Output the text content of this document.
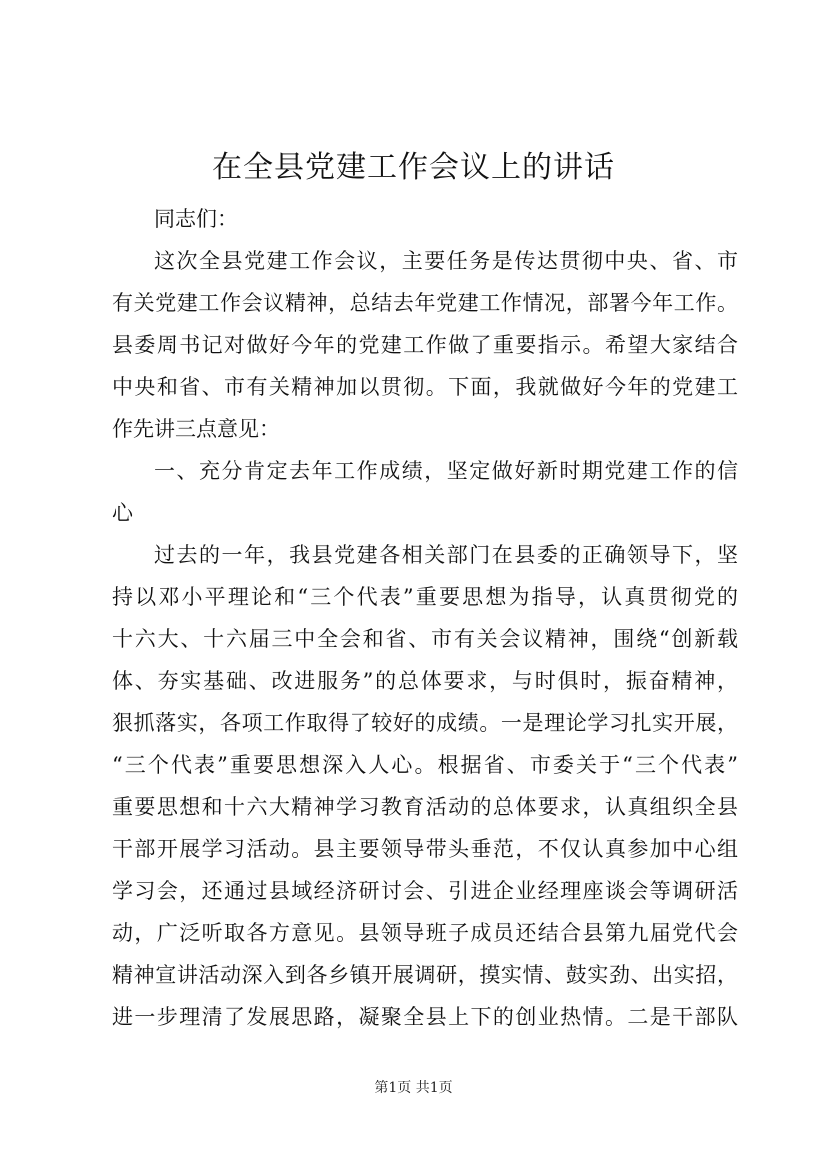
在全县党建工作会议上的讲话
同志们：
这次全县党建工作会议，主要任务是传达贯彻中央、省、市
有关党建工作会议精神，总结去年党建工作情况，部署今年工作。
县委周书记对做好今年的党建工作做了重要指示。希望大家结合
中央和省、市有关精神加以贯彻。下面，我就做好今年的党建工
作先讲三点意见：
一、充分肯定去年工作成绩，坚定做好新时期党建工作的信
心
过去的一年，我县党建各相关部门在县委的正确领导下，坚
持以邓小平理论和“三个代表”重要思想为指导，认真贯彻党的
十六大、十六届三中全会和省、市有关会议精神，围绕“创新载
体、夯实基础、改进服务”的总体要求，与时俱时，振奋精神，
狠抓落实，各项工作取得了较好的成绩。一是理论学习扎实开展，
“三个代表”重要思想深入人心。根据省、市委关于“三个代表”
重要思想和十六大精神学习教育活动的总体要求，认真组织全县
干部开展学习活动。县主要领导带头垂范，不仅认真参加中心组
学习会，还通过县域经济研讨会、引进企业经理座谈会等调研活
动，广泛听取各方意见。县领导班子成员还结合县第九届党代会
精神宣讲活动深入到各乡镇开展调研，摸实情、鼓实劲、出实招，
进一步理清了发展思路，凝聚全县上下的创业热情。二是干部队
第1页 共1页
